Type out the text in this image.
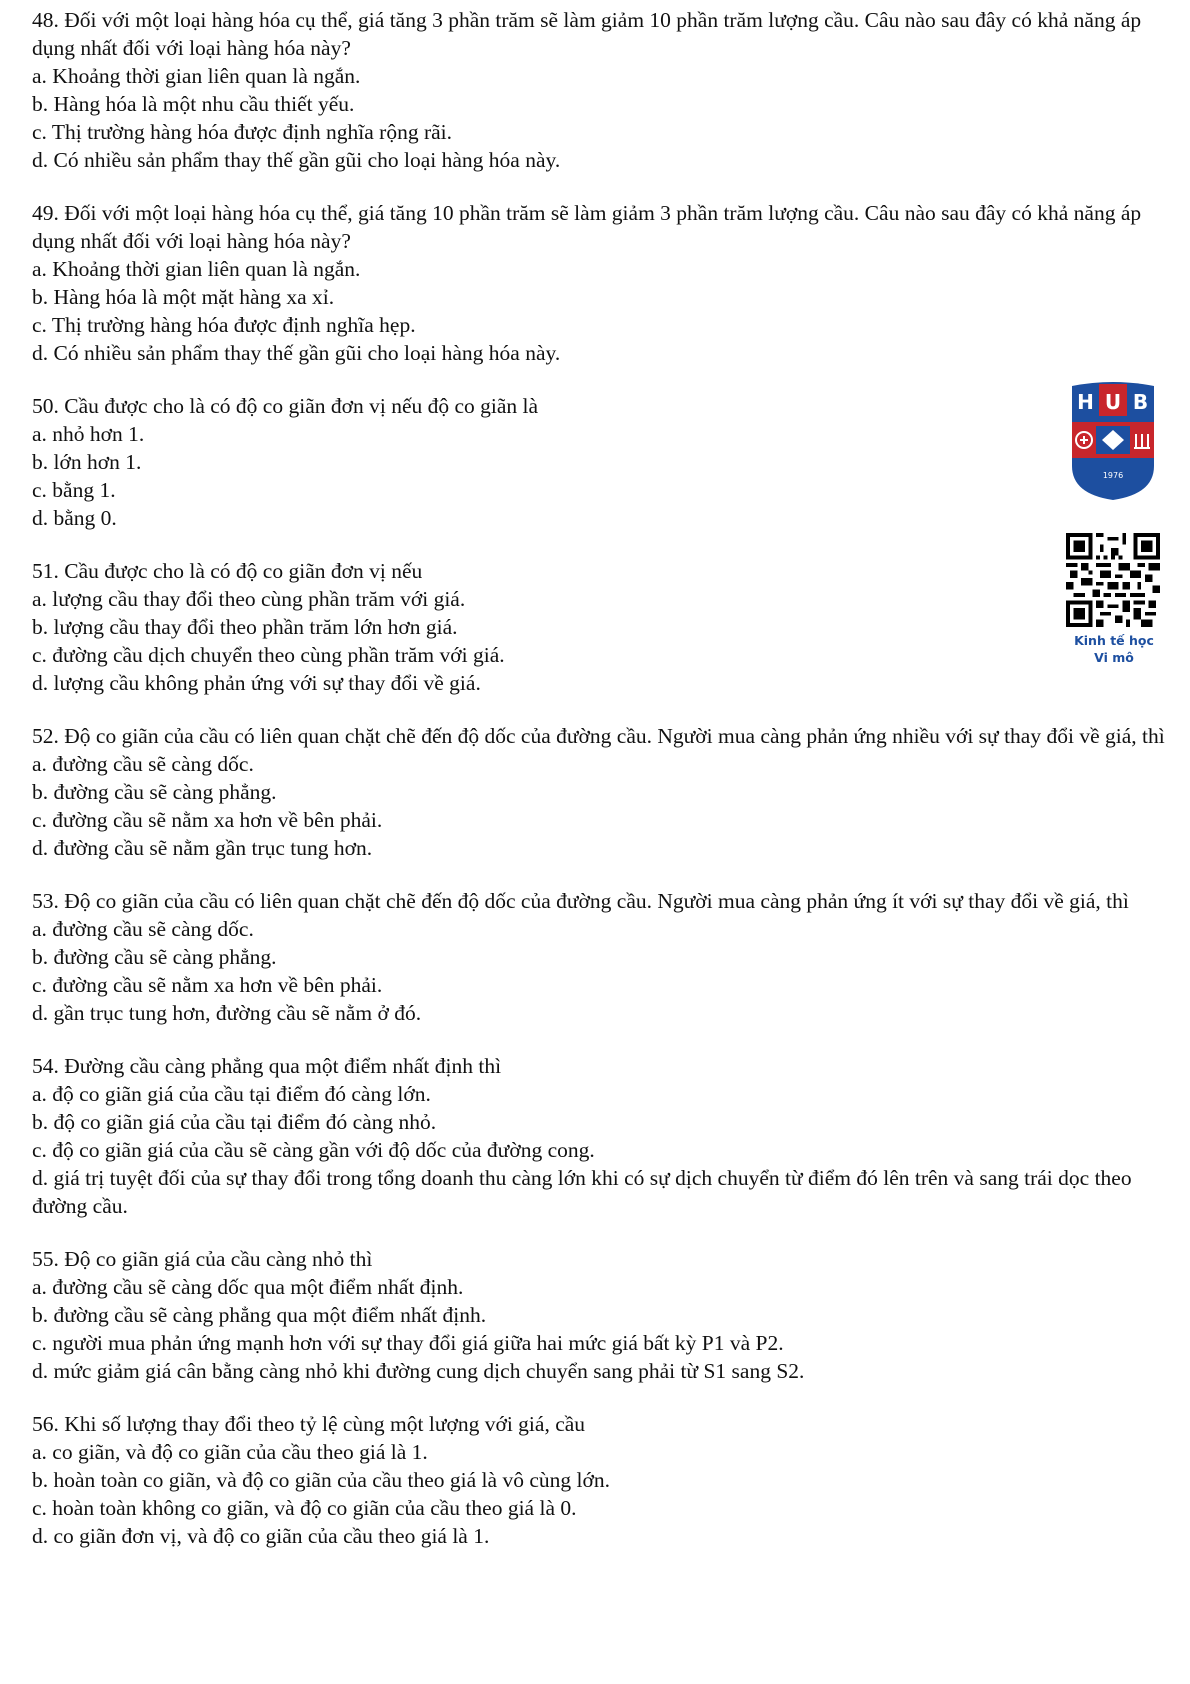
48. Đối với một loại hàng hóa cụ thể, giá tăng 3 phần trăm sẽ làm giảm 10 phần trăm lượng cầu. Câu nào sau đây có khả năng áp dụng nhất đối với loại hàng hóa này?

a. Khoảng thời gian liên quan là ngắn.

b. Hàng hóa là một nhu cầu thiết yếu.

c. Thị trường hàng hóa được định nghĩa rộng rãi.

d. Có nhiều sản phẩm thay thế gần gũi cho loại hàng hóa này.

49. Đối với một loại hàng hóa cụ thể, giá tăng 10 phần trăm sẽ làm giảm 3 phần trăm lượng cầu. Câu nào sau đây có khả năng áp dụng nhất đối với loại hàng hóa này?

a. Khoảng thời gian liên quan là ngắn.

b. Hàng hóa là một mặt hàng xa xỉ.

c. Thị trường hàng hóa được định nghĩa hẹp.

d. Có nhiều sản phẩm thay thế gần gũi cho loại hàng hóa này.

50. Cầu được cho là có độ co giãn đơn vị nếu độ co giãn là

a. nhỏ hơn 1.

b. lớn hơn 1.

c. bằng 1.

d. bằng 0.

51. Cầu được cho là có độ co giãn đơn vị nếu

a. lượng cầu thay đổi theo cùng phần trăm với giá.

b. lượng cầu thay đổi theo phần trăm lớn hơn giá.

c. đường cầu dịch chuyển theo cùng phần trăm với giá.

d. lượng cầu không phản ứng với sự thay đổi về giá.

52. Độ co giãn của cầu có liên quan chặt chẽ đến độ dốc của đường cầu. Người mua càng phản ứng nhiều với sự thay đổi về giá, thì

a. đường cầu sẽ càng dốc.

b. đường cầu sẽ càng phẳng.

c. đường cầu sẽ nằm xa hơn về bên phải.

d. đường cầu sẽ nằm gần trục tung hơn.

53. Độ co giãn của cầu có liên quan chặt chẽ đến độ dốc của đường cầu. Người mua càng phản ứng ít với sự thay đổi về giá, thì

a. đường cầu sẽ càng dốc.

b. đường cầu sẽ càng phẳng.

c. đường cầu sẽ nằm xa hơn về bên phải.

d. gần trục tung hơn, đường cầu sẽ nằm ở đó.

54. Đường cầu càng phẳng qua một điểm nhất định thì

a. độ co giãn giá của cầu tại điểm đó càng lớn.

b. độ co giãn giá của cầu tại điểm đó càng nhỏ.

c. độ co giãn giá của cầu sẽ càng gần với độ dốc của đường cong.

d. giá trị tuyệt đối của sự thay đổi trong tổng doanh thu càng lớn khi có sự dịch chuyển từ điểm đó lên trên và sang trái dọc theo đường cầu.

55. Độ co giãn giá của cầu càng nhỏ thì

a. đường cầu sẽ càng dốc qua một điểm nhất định.

b. đường cầu sẽ càng phẳng qua một điểm nhất định.

c. người mua phản ứng mạnh hơn với sự thay đổi giá giữa hai mức giá bất kỳ P1 và P2.

d. mức giảm giá cân bằng càng nhỏ khi đường cung dịch chuyển sang phải từ S1 sang S2.

56. Khi số lượng thay đổi theo tỷ lệ cùng một lượng với giá, cầu

a. co giãn, và độ co giãn của cầu theo giá là 1.

b. hoàn toàn co giãn, và độ co giãn của cầu theo giá là vô cùng lớn.

c. hoàn toàn không co giãn, và độ co giãn của cầu theo giá là 0.

d. co giãn đơn vị, và độ co giãn của cầu theo giá là 1.

H U B
1976

Kinh tế học
Vi mô
